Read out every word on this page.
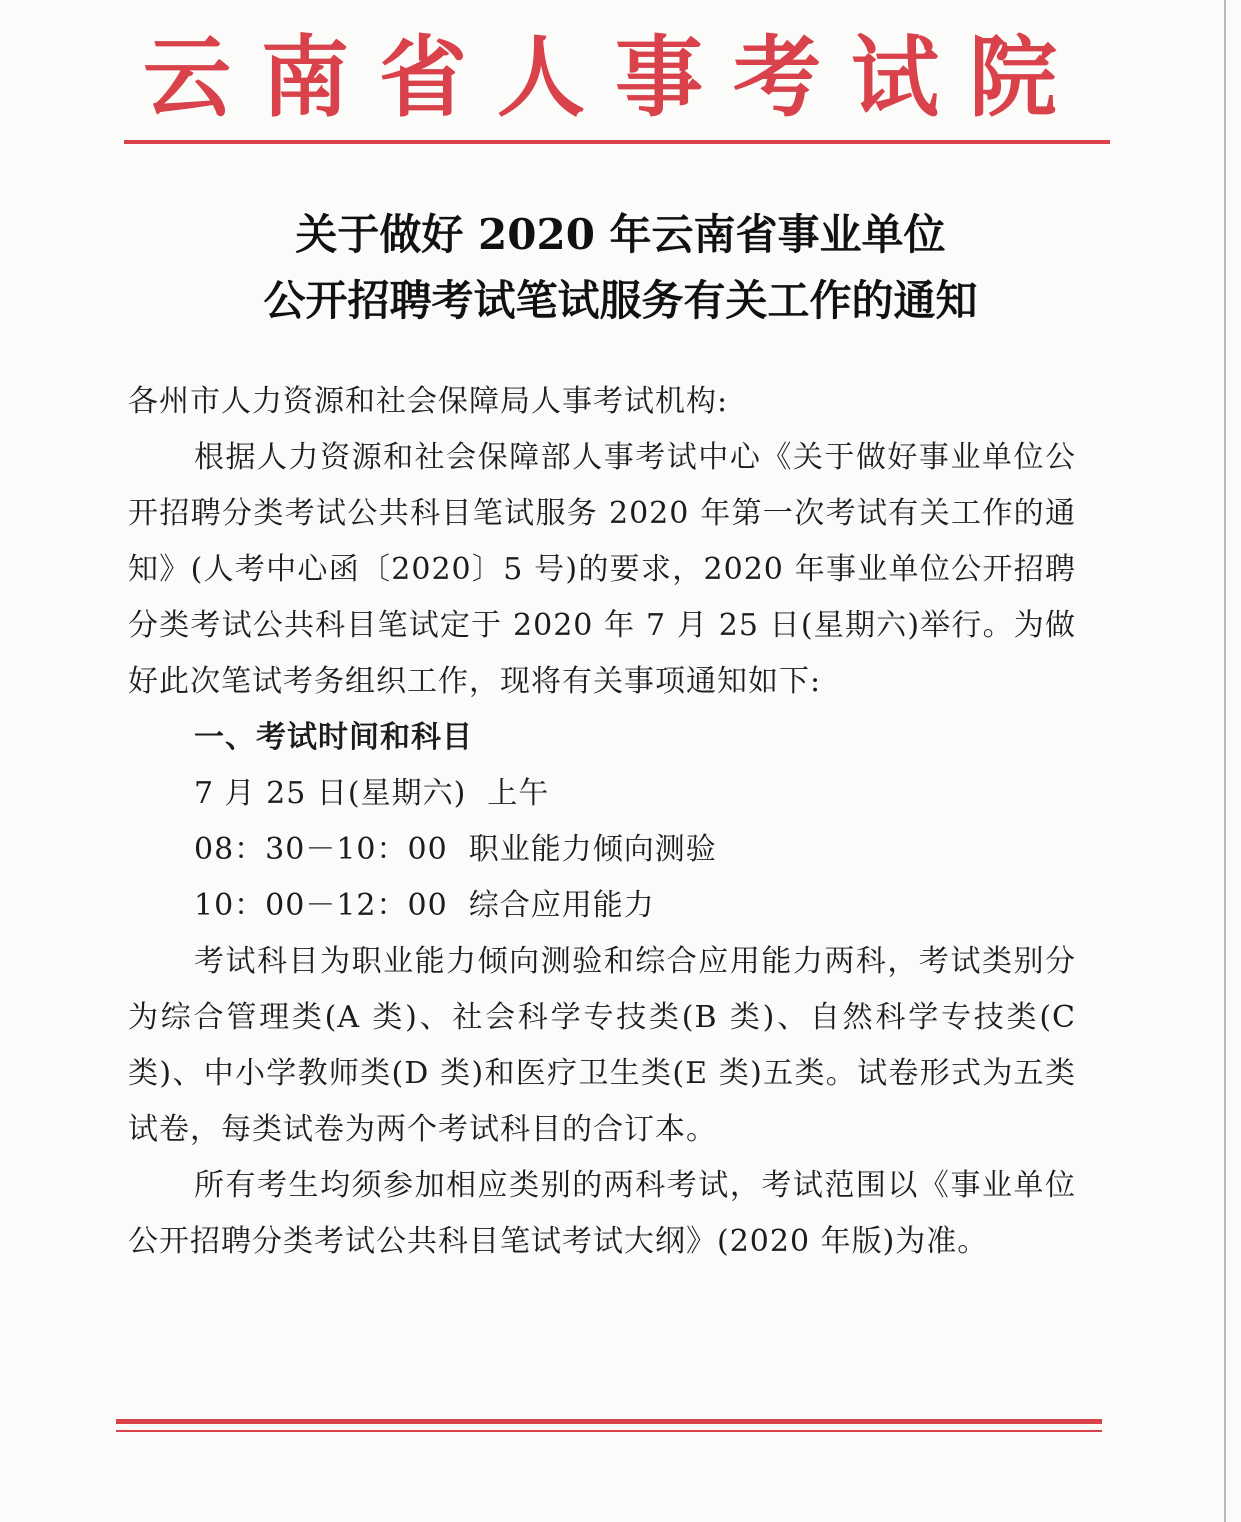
云南省人事考试院
关于做好 2020 年云南省事业单位
公开招聘考试笔试服务有关工作的通知

各州市人力资源和社会保障局人事考试机构:

根据人力资源和社会保障部人事考试中心《关于做好事业单位公开招聘分类考试公共科目笔试服务 2020 年第一次考试有关工作的通知》(人考中心函〔2020〕5 号)的要求，2020 年事业单位公开招聘分类考试公共科目笔试定于 2020 年 7 月 25 日(星期六)举行。为做好此次笔试考务组织工作，现将有关事项通知如下:

一、考试时间和科目

7 月 25 日(星期六)  上午

08：30－10：00 职业能力倾向测验

10：00－12：00 综合应用能力

考试科目为职业能力倾向测验和综合应用能力两科，考试类别分为综合管理类(A 类)、社会科学专技类(B 类)、自然科学专技类(C 类)、中小学教师类(D 类)和医疗卫生类(E 类)五类。试卷形式为五类试卷，每类试卷为两个考试科目的合订本。

所有考生均须参加相应类别的两科考试，考试范围以《事业单位公开招聘分类考试公共科目笔试考试大纲》(2020 年版)为准。
